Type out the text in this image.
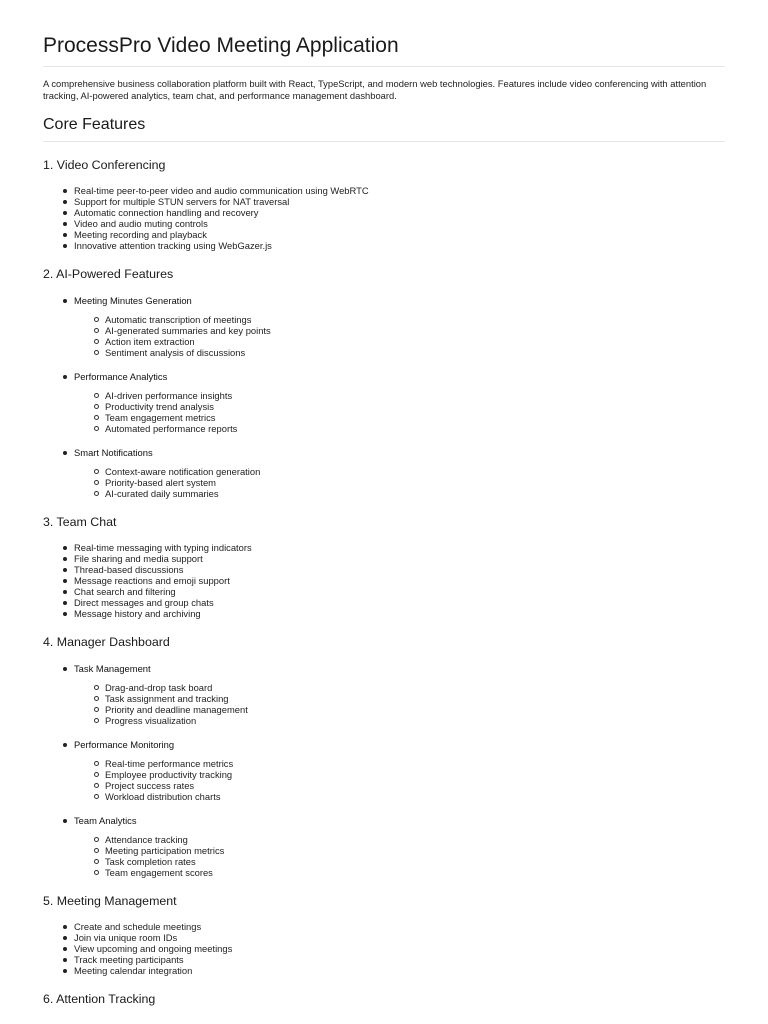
ProcessPro Video Meeting Application

A comprehensive business collaboration platform built with React, TypeScript, and modern web technologies. Features include video conferencing with attention tracking, AI-powered analytics, team chat, and performance management dashboard.

Core Features
1. Video Conferencing
Real-time peer-to-peer video and audio communication using WebRTC
Support for multiple STUN servers for NAT traversal
Automatic connection handling and recovery
Video and audio muting controls
Meeting recording and playback
Innovative attention tracking using WebGazer.js
2. AI-Powered Features
Meeting Minutes Generation
Automatic transcription of meetings
AI-generated summaries and key points
Action item extraction
Sentiment analysis of discussions
Performance Analytics
AI-driven performance insights
Productivity trend analysis
Team engagement metrics
Automated performance reports
Smart Notifications
Context-aware notification generation
Priority-based alert system
AI-curated daily summaries
3. Team Chat
Real-time messaging with typing indicators
File sharing and media support
Thread-based discussions
Message reactions and emoji support
Chat search and filtering
Direct messages and group chats
Message history and archiving
4. Manager Dashboard
Task Management
Drag-and-drop task board
Task assignment and tracking
Priority and deadline management
Progress visualization
Performance Monitoring
Real-time performance metrics
Employee productivity tracking
Project success rates
Workload distribution charts
Team Analytics
Attendance tracking
Meeting participation metrics
Task completion rates
Team engagement scores
5. Meeting Management
Create and schedule meetings
Join via unique room IDs
View upcoming and ongoing meetings
Track meeting participants
Meeting calendar integration
6. Attention Tracking
